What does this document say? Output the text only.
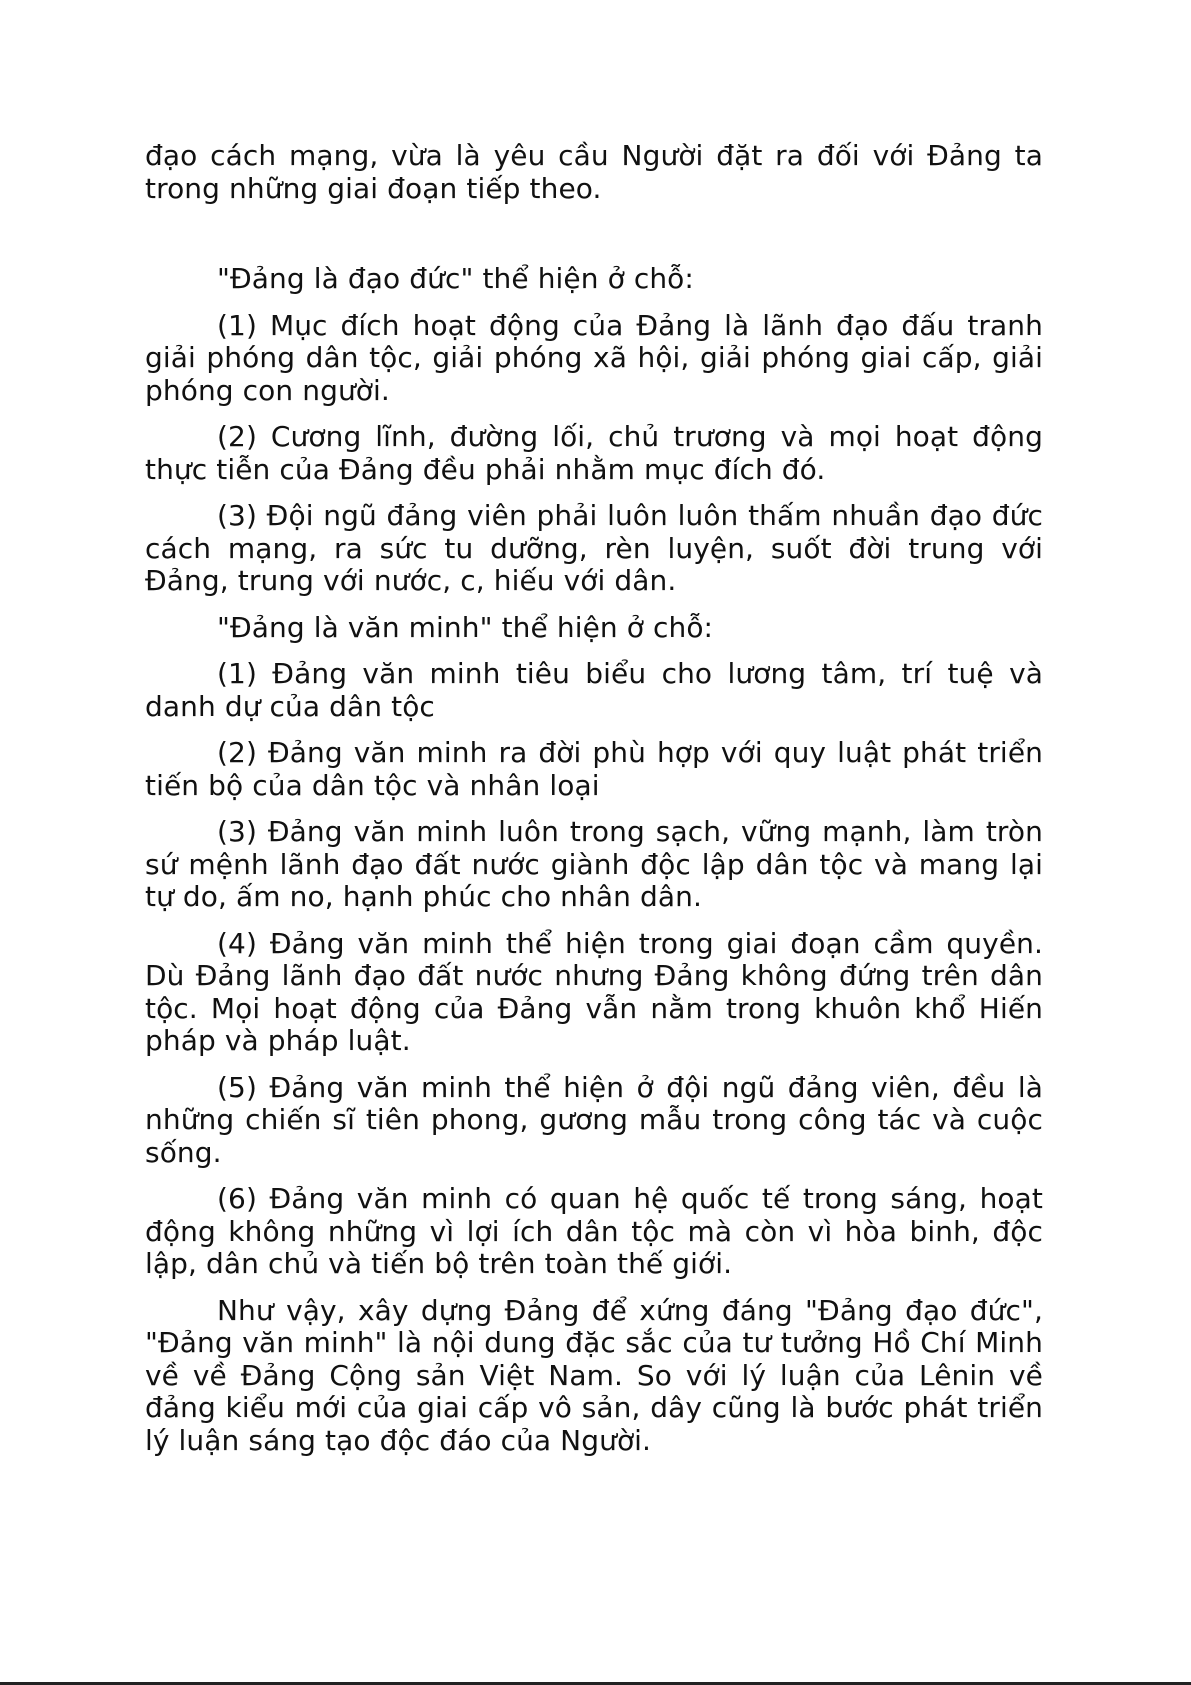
đạo cách mạng, vừa là yêu cầu Người đặt ra đối với Đảng ta trong những giai đoạn tiếp theo.

"Đảng là đạo đức" thể hiện ở chỗ:

(1) Mục đích hoạt động của Đảng là lãnh đạo đấu tranh giải phóng dân tộc, giải phóng xã hội, giải phóng giai cấp, giải phóng con người.

(2) Cương lĩnh, đường lối, chủ trương và mọi hoạt động thực tiễn của Đảng đều phải nhằm mục đích đó.

(3) Đội ngũ đảng viên phải luôn luôn thấm nhuần đạo đức cách mạng, ra sức tu dưỡng, rèn luyện, suốt đời trung với Đảng, trung với nước, c, hiếu với dân.

"Đảng là văn minh" thể hiện ở chỗ:

(1) Đảng văn minh tiêu biểu cho lương tâm, trí tuệ và danh dự của dân tộc

(2) Đảng văn minh ra đời phù hợp với quy luật phát triển tiến bộ của dân tộc và nhân loại

(3) Đảng văn minh luôn trong sạch, vững mạnh, làm tròn sứ mệnh lãnh đạo đất nước giành độc lập dân tộc và mang lại tự do, ấm no, hạnh phúc cho nhân dân.

(4) Đảng văn minh thể hiện trong giai đoạn cầm quyền. Dù Đảng lãnh đạo đất nước nhưng Đảng không đứng trên dân tộc. Mọi hoạt động của Đảng vẫn nằm trong khuôn khổ Hiến pháp và pháp luật.

(5) Đảng văn minh thể hiện ở đội ngũ đảng viên, đều là những chiến sĩ tiên phong, gương mẫu trong công tác và cuộc sống.

(6) Đảng văn minh có quan hệ quốc tế trong sáng, hoạt động không những vì lợi ích dân tộc mà còn vì hòa binh, độc lập, dân chủ và tiến bộ trên toàn thế giới.

Như vậy, xây dựng Đảng để xứng đáng "Đảng đạo đức", "Đảng văn minh" là nội dung đặc sắc của tư tưởng Hồ Chí Minh về về Đảng Cộng sản Việt Nam. So với lý luận của Lênin về đảng kiểu mới của giai cấp vô sản, dây cũng là bước phát triển lý luận sáng tạo độc đáo của Người.
